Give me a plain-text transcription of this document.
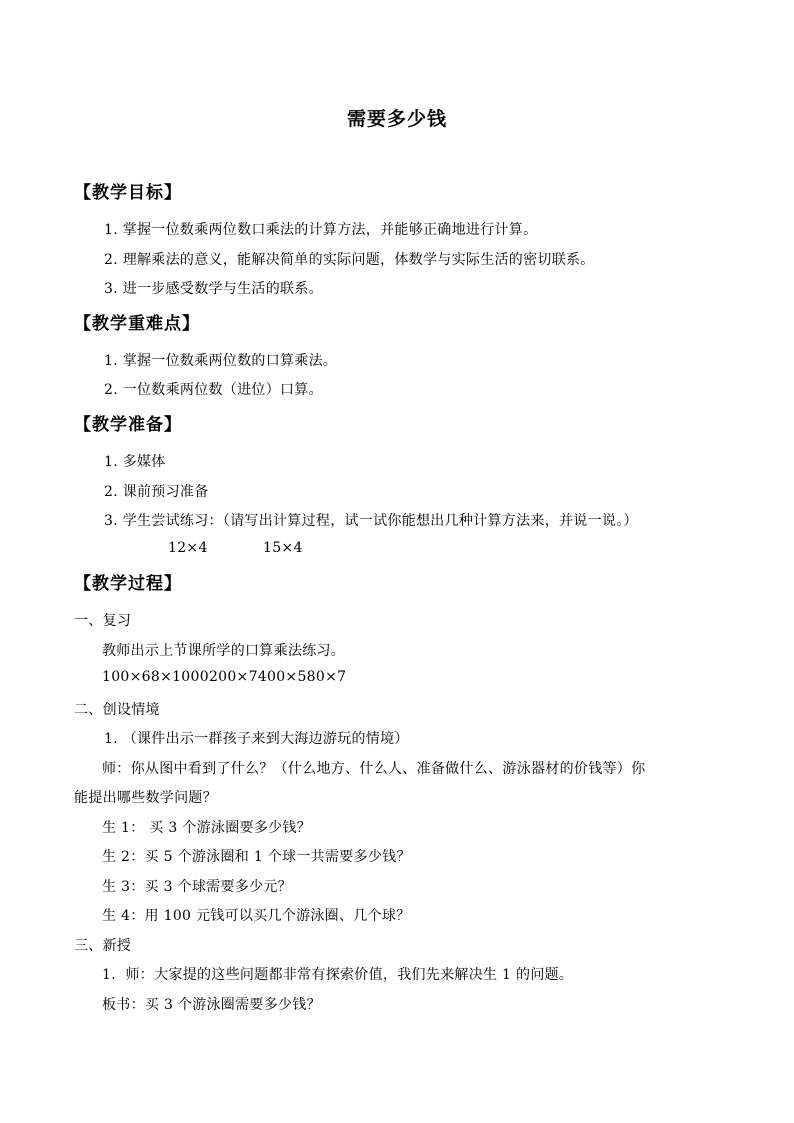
需要多少钱
【教学目标】
1. 掌握一位数乘两位数口乘法的计算方法，并能够正确地进行计算。
2. 理解乘法的意义，能解决简单的实际问题，体数学与实际生活的密切联系。
3. 进一步感受数学与生活的联系。
【教学重难点】
1. 掌握一位数乘两位数的口算乘法。
2. 一位数乘两位数（进位）口算。
【教学准备】
1. 多媒体
2. 课前预习准备
3. 学生尝试练习：（请写出计算过程，试一试你能想出几种计算方法来，并说一说。）
12×4	15×4
【教学过程】
一、复习
教师出示上节课所学的口算乘法练习。
100×68×1000200×7400×580×7
二、创设情境
1. （课件出示一群孩子来到大海边游玩的情境）
师：你从图中看到了什么？（什么地方、什么人、准备做什么、游泳器材的价钱等）你
能提出哪些数学问题？
生 1： 买 3 个游泳圈要多少钱？
生 2：买 5 个游泳圈和 1 个球一共需要多少钱？
生 3：买 3 个球需要多少元？
生 4：用 100 元钱可以买几个游泳圈、几个球？
三、新授
1．师：大家提的这些问题都非常有探索价值，我们先来解决生 1 的问题。
板书：买 3 个游泳圈需要多少钱？
